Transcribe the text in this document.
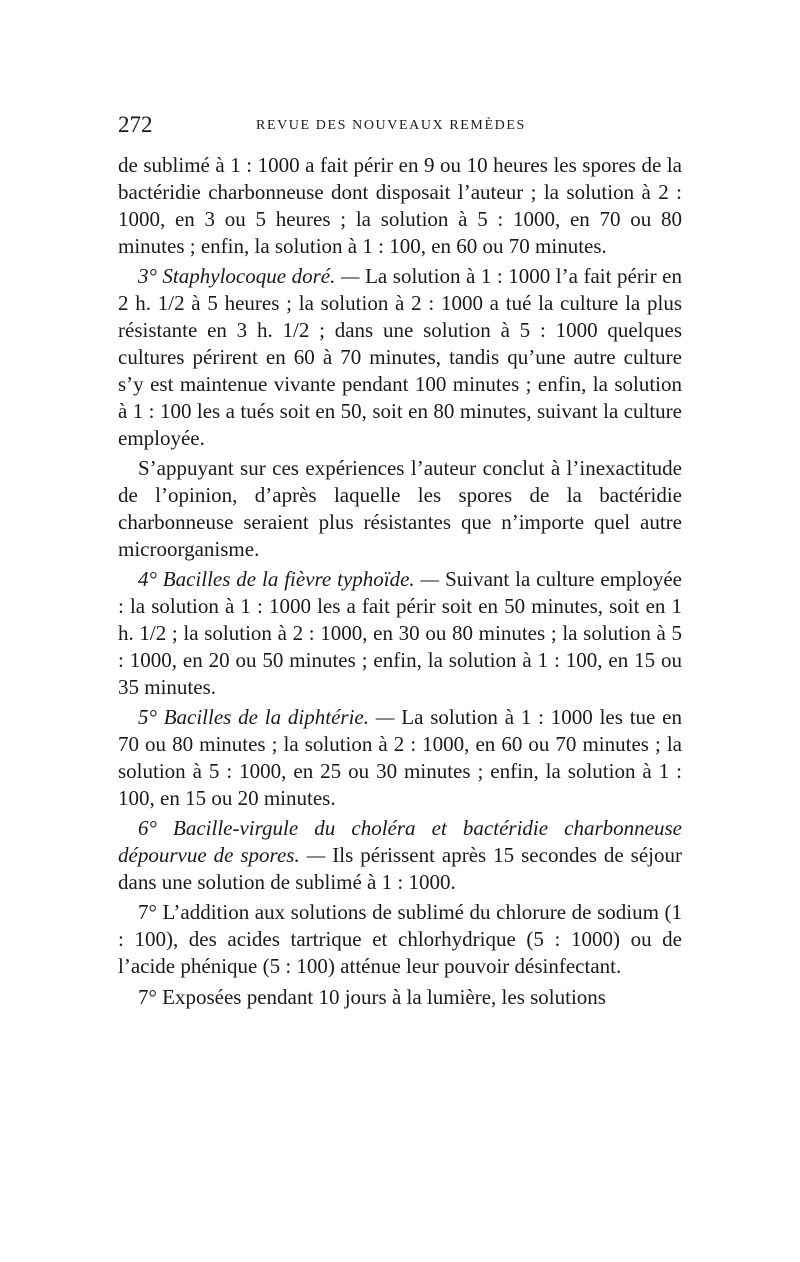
272	REVUE DES NOUVEAUX REMÈDES

de sublimé à 1 : 1000 a fait périr en 9 ou 10 heures les spores de la bactéridie charbonneuse dont disposait l’auteur ; la solution à 2 : 1000, en 3 ou 5 heures ; la solution à 5 : 1000, en 70 ou 80 minutes ; enfin, la solution à 1 : 100, en 60 ou 70 minutes.

3° Staphylocoque doré. — La solution à 1 : 1000 l’a fait périr en 2 h. 1/2 à 5 heures ; la solution à 2 : 1000 a tué la culture la plus résistante en 3 h. 1/2 ; dans une solution à 5 : 1000 quelques cultures périrent en 60 à 70 minutes, tandis qu’une autre culture s’y est maintenue vivante pendant 100 minutes ; enfin, la solution à 1 : 100 les a tués soit en 50, soit en 80 minutes, suivant la culture employée.

S’appuyant sur ces expériences l’auteur conclut à l’inexactitude de l’opinion, d’après laquelle les spores de la bactéridie charbonneuse seraient plus résistantes que n’importe quel autre microorganisme.

4° Bacilles de la fièvre typhoïde. — Suivant la culture employée : la solution à 1 : 1000 les a fait périr soit en 50 minutes, soit en 1 h. 1/2 ; la solution à 2 : 1000, en 30 ou 80 minutes ; la solution à 5 : 1000, en 20 ou 50 minutes ; enfin, la solution à 1 : 100, en 15 ou 35 minutes.

5° Bacilles de la diphtérie. — La solution à 1 : 1000 les tue en 70 ou 80 minutes ; la solution à 2 : 1000, en 60 ou 70 minutes ; la solution à 5 : 1000, en 25 ou 30 minutes ; enfin, la solution à 1 : 100, en 15 ou 20 minutes.

6° Bacille-virgule du choléra et bactéridie charbonneuse dépourvue de spores. — Ils périssent après 15 secondes de séjour dans une solution de sublimé à 1 : 1000.

7° L’addition aux solutions de sublimé du chlorure de sodium (1 : 100), des acides tartrique et chlorhydrique (5 : 1000) ou de l’acide phénique (5 : 100) atténue leur pouvoir désinfectant.

7° Exposées pendant 10 jours à la lumière, les solutions
